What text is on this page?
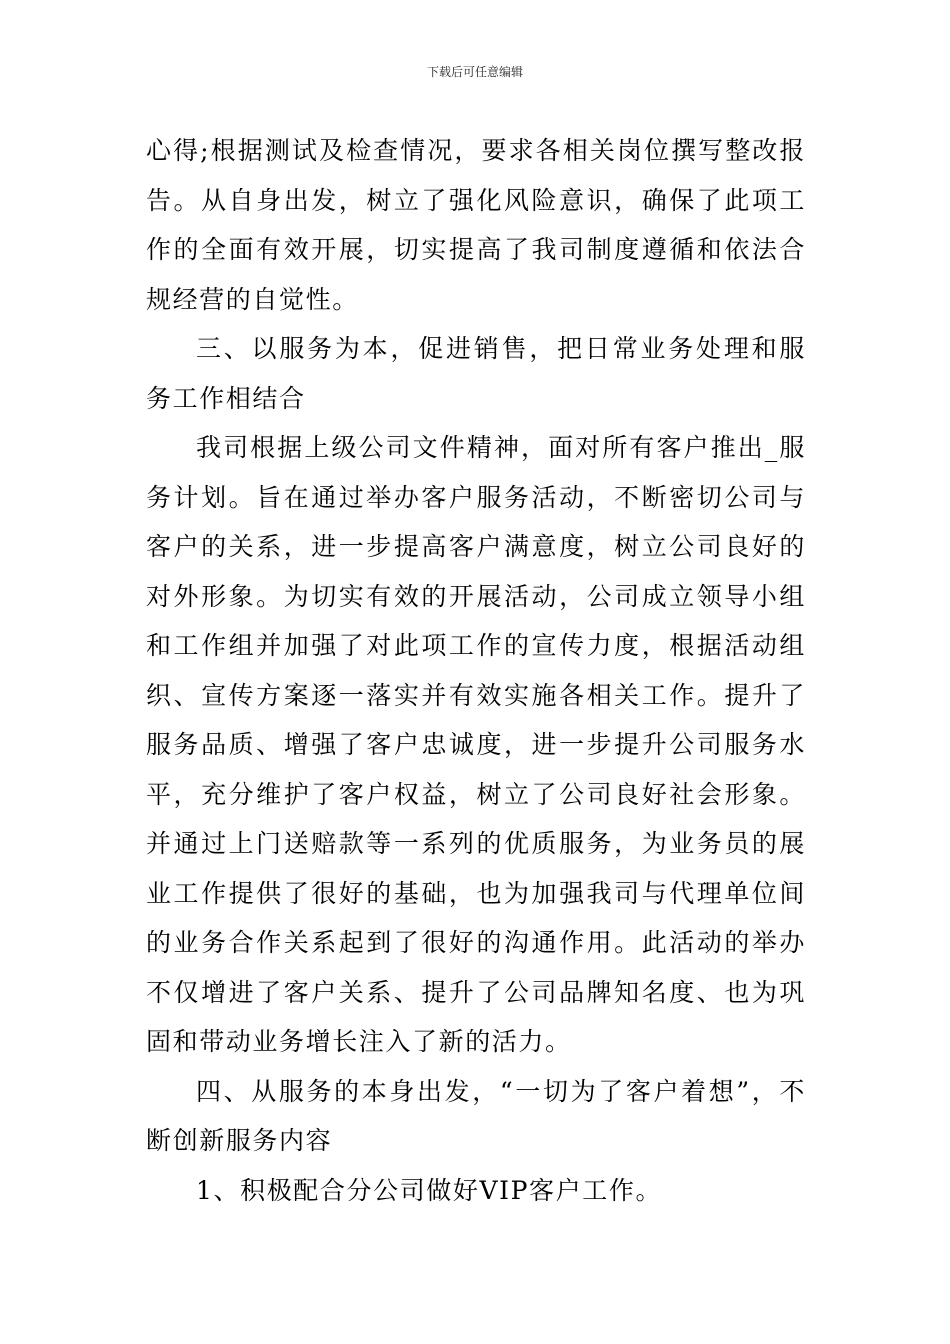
下载后可任意编辑

心得;根据测试及检查情况，要求各相关岗位撰写整改报告。从自身出发，树立了强化风险意识，确保了此项工作的全面有效开展，切实提高了我司制度遵循和依法合规经营的自觉性。

三、以服务为本，促进销售，把日常业务处理和服务工作相结合

我司根据上级公司文件精神，面对所有客户推出_服务计划。旨在通过举办客户服务活动，不断密切公司与客户的关系，进一步提高客户满意度，树立公司良好的对外形象。为切实有效的开展活动，公司成立领导小组和工作组并加强了对此项工作的宣传力度，根据活动组织、宣传方案逐一落实并有效实施各相关工作。提升了服务品质、增强了客户忠诚度，进一步提升公司服务水平，充分维护了客户权益，树立了公司良好社会形象。并通过上门送赔款等一系列的优质服务，为业务员的展业工作提供了很好的基础，也为加强我司与代理单位间的业务合作关系起到了很好的沟通作用。此活动的举办不仅增进了客户关系、提升了公司品牌知名度、也为巩固和带动业务增长注入了新的活力。

四、从服务的本身出发，“一切为了客户着想”，不断创新服务内容

1、积极配合分公司做好VIP客户工作。
